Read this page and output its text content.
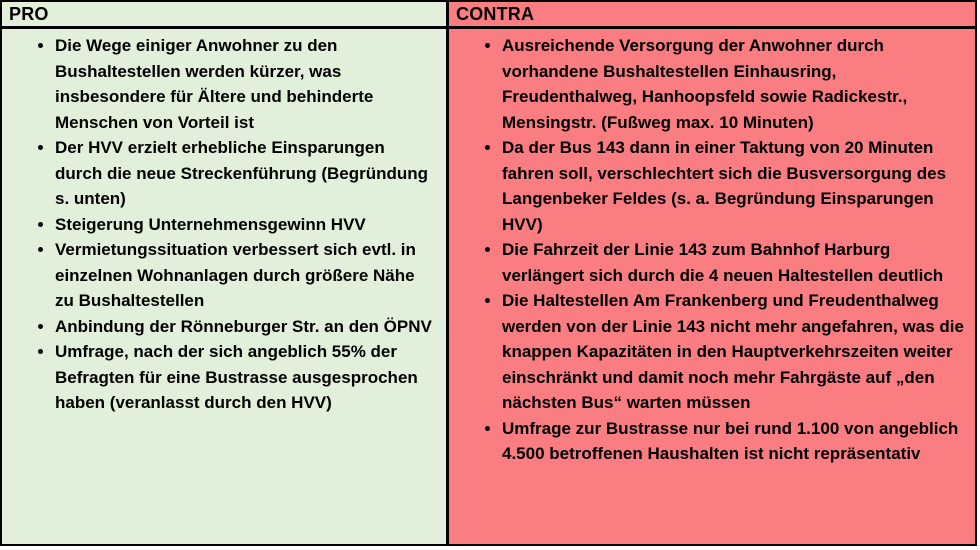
PRO	CONTRA
• Die Wege einiger Anwohner zu den Bushaltestellen werden kürzer, was insbesondere für Ältere und behinderte Menschen von Vorteil ist
• Der HVV erzielt erhebliche Einsparungen durch die neue Streckenführung (Begründung s. unten)
• Steigerung Unternehmensgewinn HVV
• Vermietungssituation verbessert sich evtl. in einzelnen Wohnanlagen durch größere Nähe zu Bushaltestellen
• Anbindung der Rönneburger Str. an den ÖPNV
• Umfrage, nach der sich angeblich 55% der Befragten für eine Bustrasse ausgesprochen haben (veranlasst durch den HVV)
• Ausreichende Versorgung der Anwohner durch vorhandene Bushaltestellen Einhausring, Freudenthalweg, Hanhoopsfeld sowie Radickestr., Mensingstr. (Fußweg max. 10 Minuten)
• Da der Bus 143 dann in einer Taktung von 20 Minuten fahren soll, verschlechtert sich die Busversorgung des Langenbeker Feldes (s. a. Begründung Einsparungen HVV)
• Die Fahrzeit der Linie 143 zum Bahnhof Harburg verlängert sich durch die 4 neuen Haltestellen deutlich
• Die Haltestellen Am Frankenberg und Freudenthalweg werden von der Linie 143 nicht mehr angefahren, was die knappen Kapazitäten in den Hauptverkehrszeiten weiter einschränkt und damit noch mehr Fahrgäste auf „den nächsten Bus“ warten müssen
• Umfrage zur Bustrasse nur bei rund 1.100 von angeblich 4.500 betroffenen Haushalten ist nicht repräsentativ
